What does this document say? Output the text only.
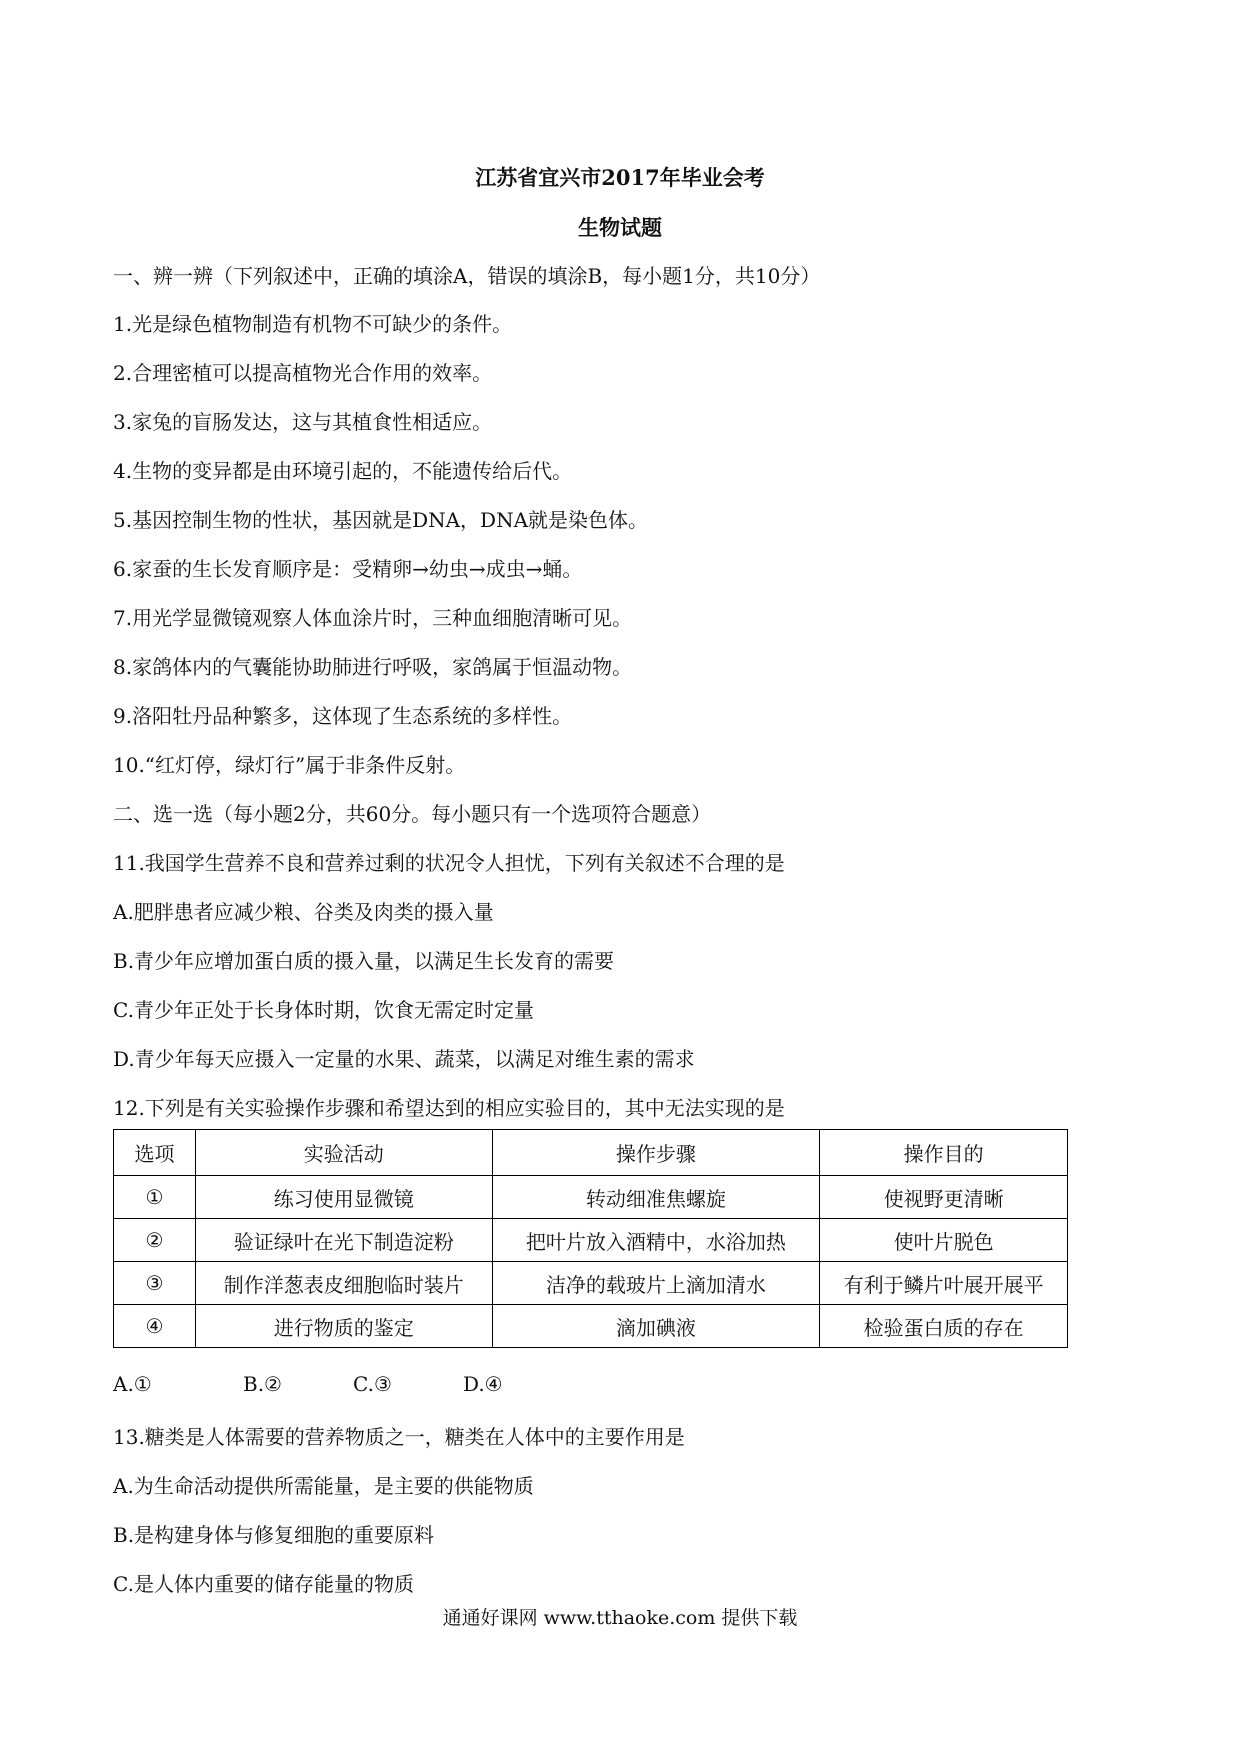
江苏省宜兴市2017年毕业会考
生物试题
一、辨一辨（下列叙述中，正确的填涂A，错误的填涂B，每小题1分，共10分）
1.光是绿色植物制造有机物不可缺少的条件。
2.合理密植可以提高植物光合作用的效率。
3.家兔的盲肠发达，这与其植食性相适应。
4.生物的变异都是由环境引起的，不能遗传给后代。
5.基因控制生物的性状，基因就是DNA，DNA就是染色体。
6.家蚕的生长发育顺序是：受精卵→幼虫→成虫→蛹。
7.用光学显微镜观察人体血涂片时，三种血细胞清晰可见。
8.家鸽体内的气囊能协助肺进行呼吸，家鸽属于恒温动物。
9.洛阳牡丹品种繁多，这体现了生态系统的多样性。
10.“红灯停，绿灯行”属于非条件反射。
二、选一选（每小题2分，共60分。每小题只有一个选项符合题意）
11.我国学生营养不良和营养过剩的状况令人担忧，下列有关叙述不合理的是
A.肥胖患者应减少粮、谷类及肉类的摄入量
B.青少年应增加蛋白质的摄入量，以满足生长发育的需要
C.青少年正处于长身体时期，饮食无需定时定量
D.青少年每天应摄入一定量的水果、蔬菜，以满足对维生素的需求
12.下列是有关实验操作步骤和希望达到的相应实验目的，其中无法实现的是
选项	实验活动	操作步骤	操作目的
①	练习使用显微镜	转动细准焦螺旋	使视野更清晰
②	验证绿叶在光下制造淀粉	把叶片放入酒精中，水浴加热	使叶片脱色
③	制作洋葱表皮细胞临时装片	洁净的载玻片上滴加清水	有利于鳞片叶展开展平
④	进行物质的鉴定	滴加碘液	检验蛋白质的存在
A.①	B.②	C.③	D.④
13.糖类是人体需要的营养物质之一，糖类在人体中的主要作用是
A.为生命活动提供所需能量，是主要的供能物质
B.是构建身体与修复细胞的重要原料
C.是人体内重要的储存能量的物质
通通好课网 www.tthaoke.com 提供下载
